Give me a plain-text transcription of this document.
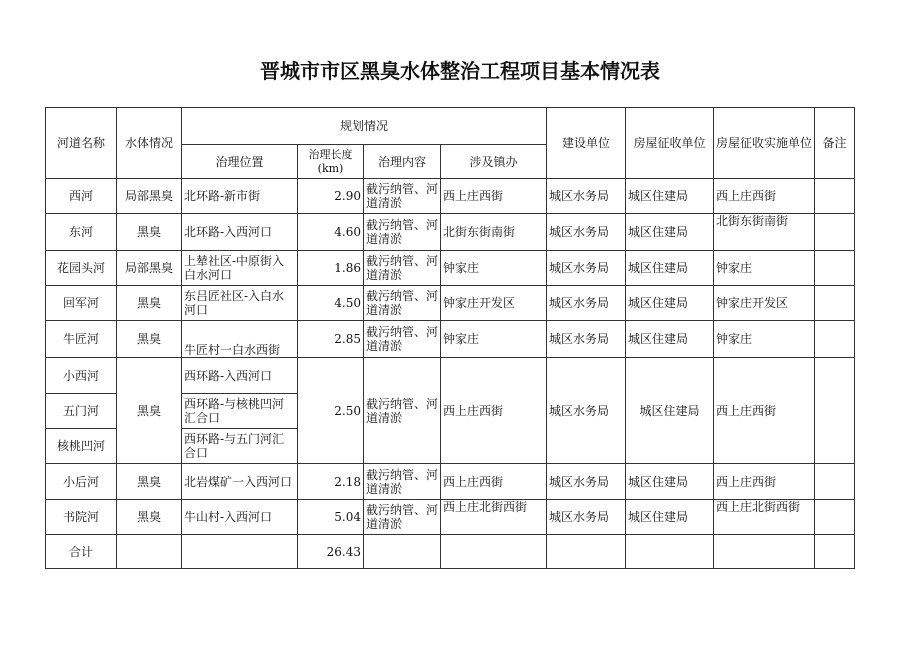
晋城市市区黑臭水体整治工程项目基本情况表
河道名称	水体情况	规划情况				建设单位	房屋征收单位	房屋征收实施单位	备注
		治理位置	治理长度(km)	治理内容	涉及镇办				
西河	局部黑臭	北环路-新市街	2.90	截污纳管、河道清淤	西上庄西街	城区水务局	城区住建局	西上庄西街	
东河	黑臭	北环路-入西河口	4.60	截污纳管、河道清淤	北街东街南街	城区水务局	城区住建局	北街东街南街	
花园头河	局部黑臭	上辇社区-中原街入白水河口	1.86	截污纳管、河道清淤	钟家庄	城区水务局	城区住建局	钟家庄	
回军河	黑臭	东吕匠社区-入白水河口	4.50	截污纳管、河道清淤	钟家庄开发区	城区水务局	城区住建局	钟家庄开发区	
牛匠河	黑臭	牛匠村一白水西街	2.85	截污纳管、河道清淤	钟家庄	城区水务局	城区住建局	钟家庄	
小西河	黑臭	西环路-入西河口	2.50	截污纳管、河道清淤	西上庄西街	城区水务局	城区住建局	西上庄西街	
五门河		西环路-与核桃凹河汇合口							
核桃凹河		西环路-与五门河汇合口							
小后河	黑臭	北岩煤矿一入西河口	2.18	截污纳管、河道清淤	西上庄西街	城区水务局	城区住建局	西上庄西街	
书院河	黑臭	牛山村-入西河口	5.04	截污纳管、河道清淤	西上庄北街西街	城区水务局	城区住建局	西上庄北街西街	
合计			26.43						
